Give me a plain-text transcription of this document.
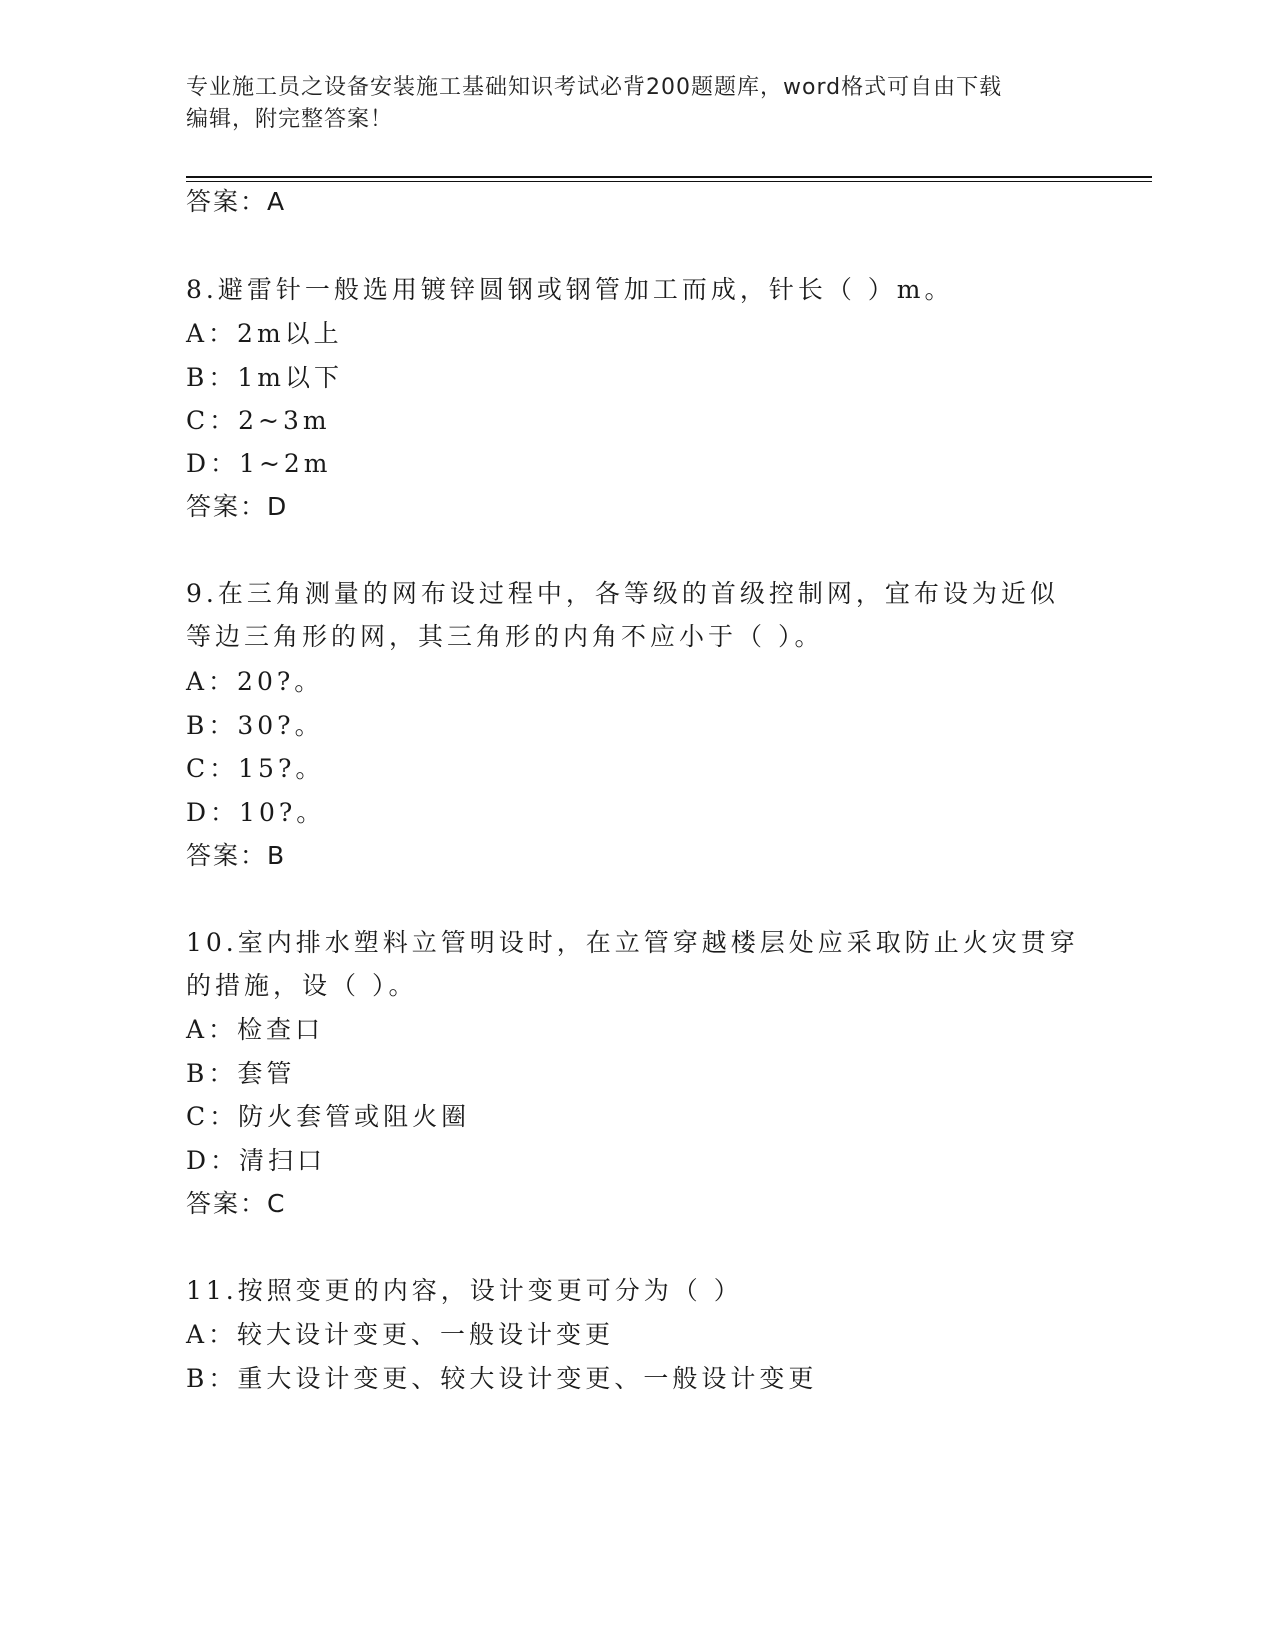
专业施工员之设备安装施工基础知识考试必背200题题库，word格式可自由下载
编辑，附完整答案！
答案：A
8.避雷针一般选用镀锌圆钢或钢管加工而成，针长（ ）m。
A：2m以上
B：1m以下
C：2~3m
D：1~2m
答案：D
9.在三角测量的网布设过程中，各等级的首级控制网，宜布设为近似
等边三角形的网，其三角形的内角不应小于（ ）。
A：20?。
B：30?。
C：15?。
D：10?。
答案：B
10.室内排水塑料立管明设时，在立管穿越楼层处应采取防止火灾贯穿
的措施，设（ ）。
A：检查口
B：套管
C：防火套管或阻火圈
D：清扫口
答案：C
11.按照变更的内容，设计变更可分为（ ）
A：较大设计变更、一般设计变更
B：重大设计变更、较大设计变更、一般设计变更
